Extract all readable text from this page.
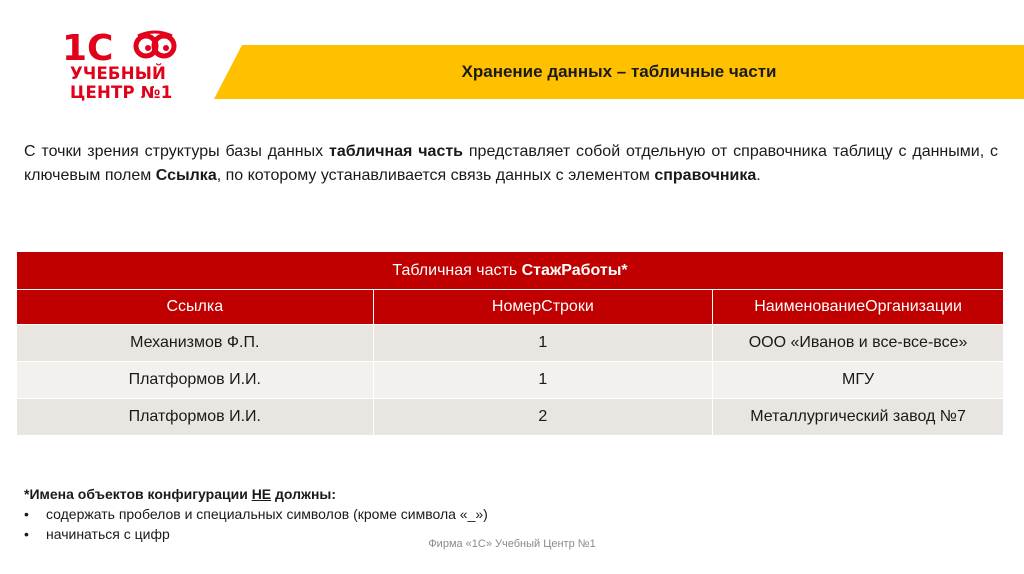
1С
УЧЕБНЫЙ
ЦЕНТР №1
Хранение данных – табличные части
С точки зрения структуры базы данных табличная часть представляет собой отдельную от справочника таблицу с данными, с ключевым полем Ссылка, по которому устанавливается связь данных с элементом справочника.
Табличная часть СтажРаботы*		
Ссылка	НомерСтроки	НаименованиеОрганизации
Механизмов Ф.П.	1	ООО «Иванов и все-все-все»
Платформов И.И.	1	МГУ
Платформов И.И.	2	Металлургический завод №7
*Имена объектов конфигурации НЕ должны:
• содержать пробелов и специальных символов (кроме символа «_»)
• начинаться с цифр
Фирма «1С» Учебный Центр №1
